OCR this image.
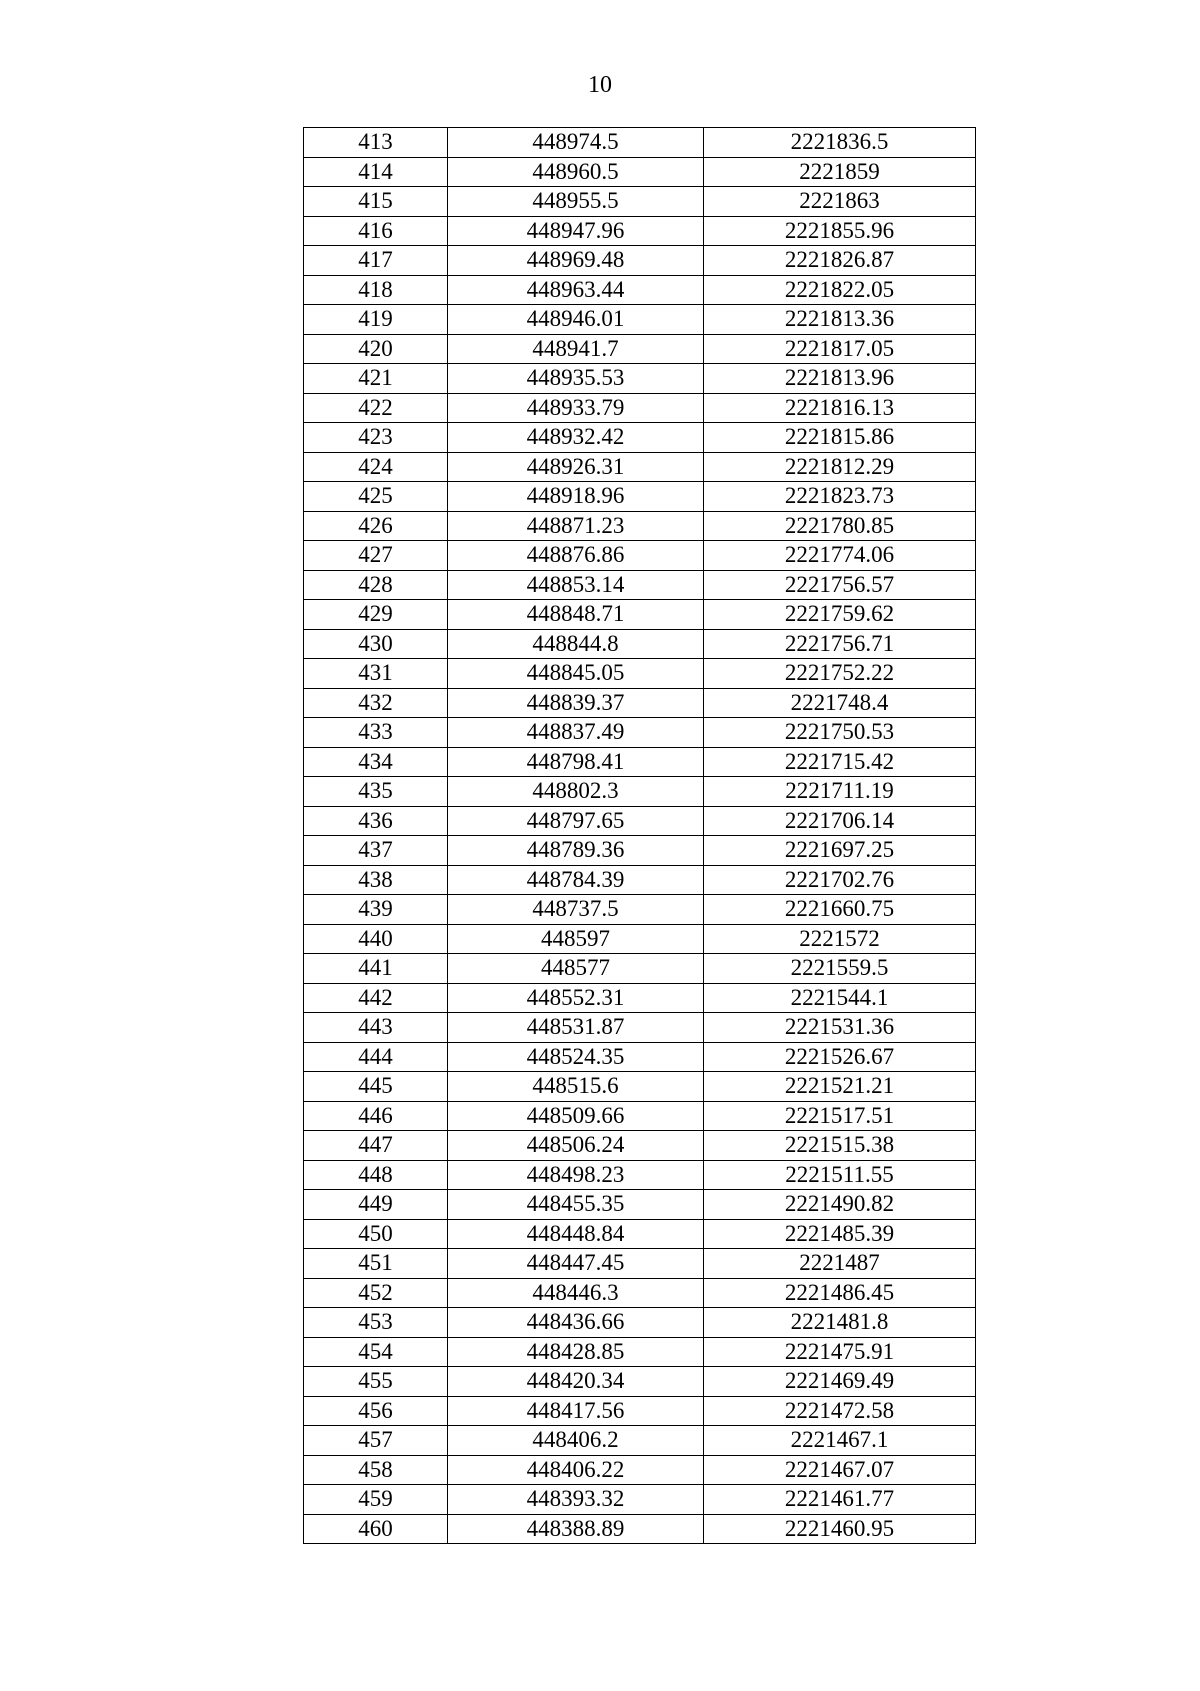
10
413	448974.5	2221836.5
414	448960.5	2221859
415	448955.5	2221863
416	448947.96	2221855.96
417	448969.48	2221826.87
418	448963.44	2221822.05
419	448946.01	2221813.36
420	448941.7	2221817.05
421	448935.53	2221813.96
422	448933.79	2221816.13
423	448932.42	2221815.86
424	448926.31	2221812.29
425	448918.96	2221823.73
426	448871.23	2221780.85
427	448876.86	2221774.06
428	448853.14	2221756.57
429	448848.71	2221759.62
430	448844.8	2221756.71
431	448845.05	2221752.22
432	448839.37	2221748.4
433	448837.49	2221750.53
434	448798.41	2221715.42
435	448802.3	2221711.19
436	448797.65	2221706.14
437	448789.36	2221697.25
438	448784.39	2221702.76
439	448737.5	2221660.75
440	448597	2221572
441	448577	2221559.5
442	448552.31	2221544.1
443	448531.87	2221531.36
444	448524.35	2221526.67
445	448515.6	2221521.21
446	448509.66	2221517.51
447	448506.24	2221515.38
448	448498.23	2221511.55
449	448455.35	2221490.82
450	448448.84	2221485.39
451	448447.45	2221487
452	448446.3	2221486.45
453	448436.66	2221481.8
454	448428.85	2221475.91
455	448420.34	2221469.49
456	448417.56	2221472.58
457	448406.2	2221467.1
458	448406.22	2221467.07
459	448393.32	2221461.77
460	448388.89	2221460.95
